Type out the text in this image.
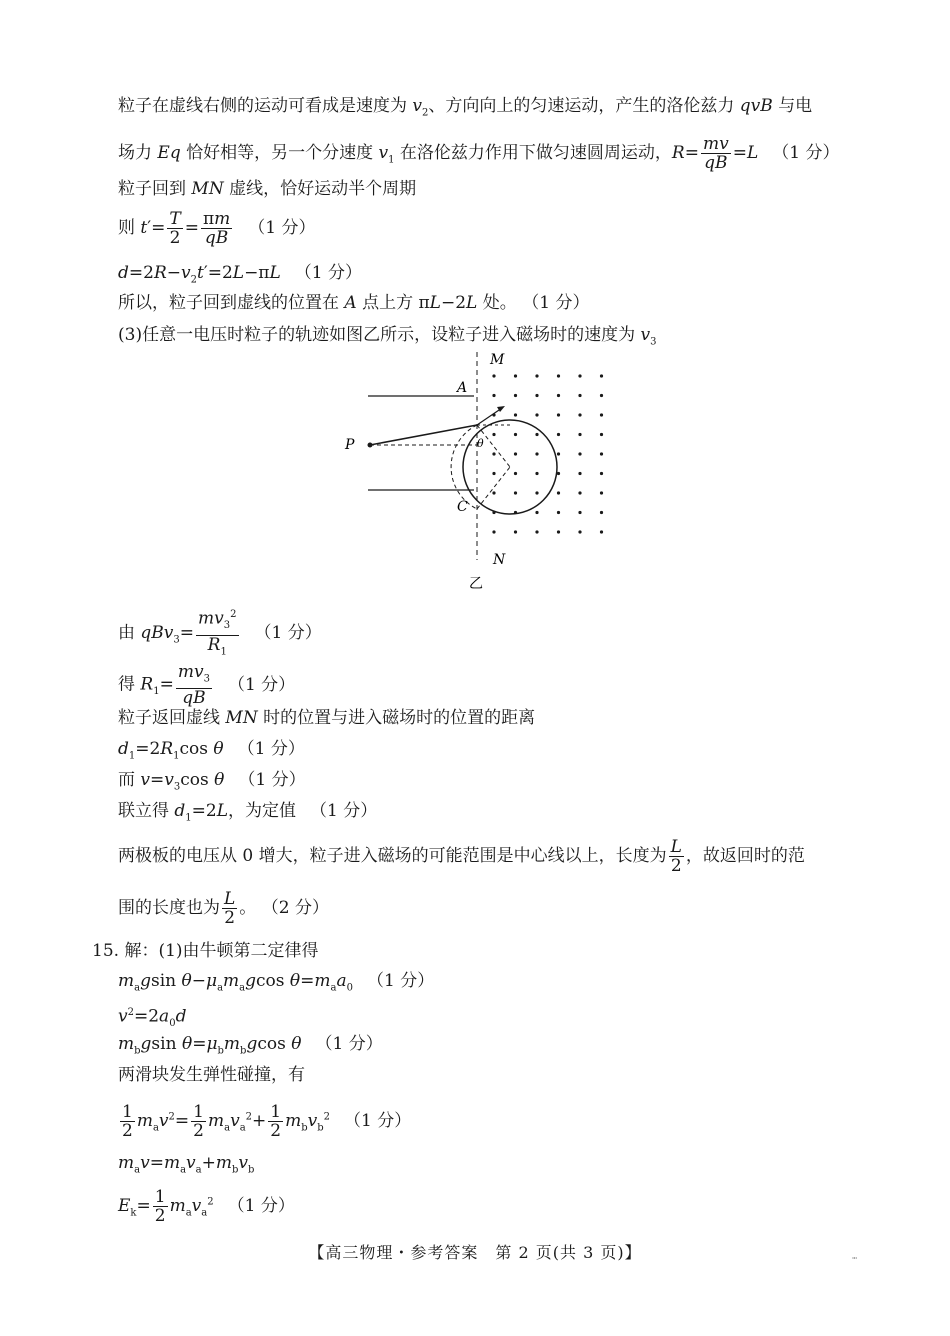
粒子在虚线右侧的运动可看成是速度为 $v_2$、方向向上的匀速运动，产生的洛伦兹力 qvB 与电
场力 Eq 恰好相等，另一个分速度 $v_1$ 在洛伦兹力作用下做匀速圆周运动，$R= \frac{mv}{qB} =L$ （1 分）
粒子回到 MN 虚线，恰好运动半个周期
则 $t'= \frac{T}{2} = \frac{\pi m}{qB} (1$ 分）
$d=2R-v_2t'=2L-\pi L$ （1 分）
所以，粒子回到虚线的位置在 A 点上方 πL−2L 处。 （1 分）
(3)任意一电压时粒子的轨迹如图乙所示，设粒子进入磁场时的速度为 $v_3$
M
A
P
C
θ
N
乙
由 $qBv_3= \frac{mv_3^2}{R_1} (1$ 分）
得 $R_1= \frac{mv_3}{qB} (1$ 分）
粒子返回虚线 MN 时的位置与进入磁场时的位置的距离
$d_1=2R_1\cos$ θ （1 分）
而 $v=v_3\cos$ θ （1 分）
联立得 $d_1=2L$，为定值 （1 分）
两极板的电压从 0 增大，粒子进入磁场的可能范围是中心线以上，长度为 $\frac{L}{2}$ ，故返回时的范
围的长度也为 $\frac{L}{2}$ 。 （2 分）
15. 解：(1)由牛顿第二定律得
$m_agsin$ $\theta-\mu_am_agcos$ $\theta=m_aa_0$ （1 分）
$v^2=2a_0d$
$m_bgsin$ $\theta=\mu_bm_bgcos$ θ （1 分）
两滑块发生弹性碰撞，有
$\frac{1}{2} m_av^2= \frac{1}{2} m_av_a^2+ \frac{1}{2} m_bv_b^2$ （1 分）
$m_av=m_av_a+m_bv_b$
$E_k= \frac{1}{2} m_av_a^2$ （1 分）
【高三物理・参考答案　第 2 页(共 3 页)】	ⵈ
